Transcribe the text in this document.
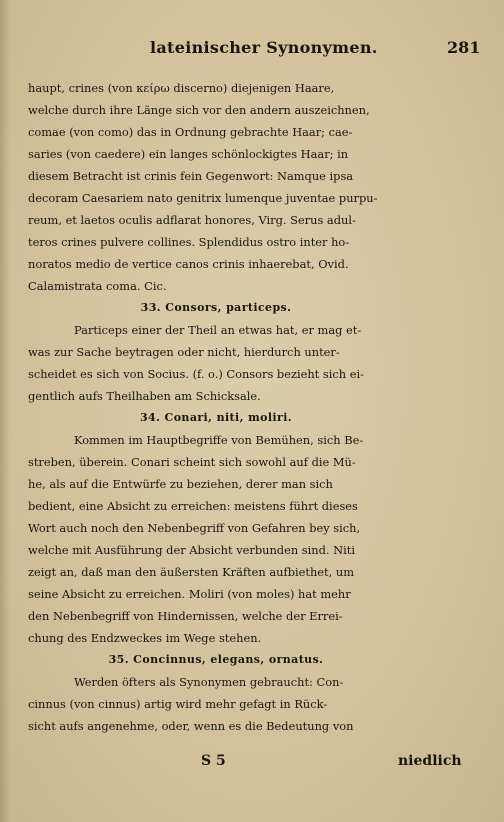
lateinischer Synonymen.	281
haupt, crines (von κείρω discerno) diejenigen Haare,
welche durch ihre Länge sich vor den andern auszeichnen,
comae (von como) das in Ordnung gebrachte Haar; cae-
saries (von caedere) ein langes schönlockigtes Haar; in
diesem Betracht ist crinis fein Gegenwort: Namque ipsa
decoram Caesariem nato genitrix lumenque juventae purpu-
reum, et laetos oculis adflarat honores, Virg. Serus adul-
teros crines pulvere collines. Splendidus ostro inter ho-
noratos medio de vertice canos crinis inhaerebat, Ovid.
Calamistrata coma. Cic.
33. Consors, particeps.
Particeps einer der Theil an etwas hat, er mag et-
was zur Sache beytragen oder nicht, hierdurch unter-
scheidet es sich von Socius. (f. o.) Consors bezieht sich ei-
gentlich aufs Theilhaben am Schicksale.
34. Conari, niti, moliri.
Kommen im Hauptbegriffe von Bemühen, sich Be-
streben, überein. Conari scheint sich sowohl auf die Mü-
he, als auf die Entwürfe zu beziehen, derer man sich
bedient, eine Absicht zu erreichen: meistens führt dieses
Wort auch noch den Nebenbegriff von Gefahren bey sich,
welche mit Ausführung der Absicht verbunden sind. Niti
zeigt an, daß man den äußersten Kräften aufbiethet, um
seine Absicht zu erreichen. Moliri (von moles) hat mehr
den Nebenbegriff von Hindernissen, welche der Errei-
chung des Endzweckes im Wege stehen.
35. Concinnus, elegans, ornatus.
Werden öfters als Synonymen gebraucht: Con-
cinnus (von cinnus) artig wird mehr gefagt in Rück-
sicht aufs angenehme, oder, wenn es die Bedeutung von
S 5	niedlich
